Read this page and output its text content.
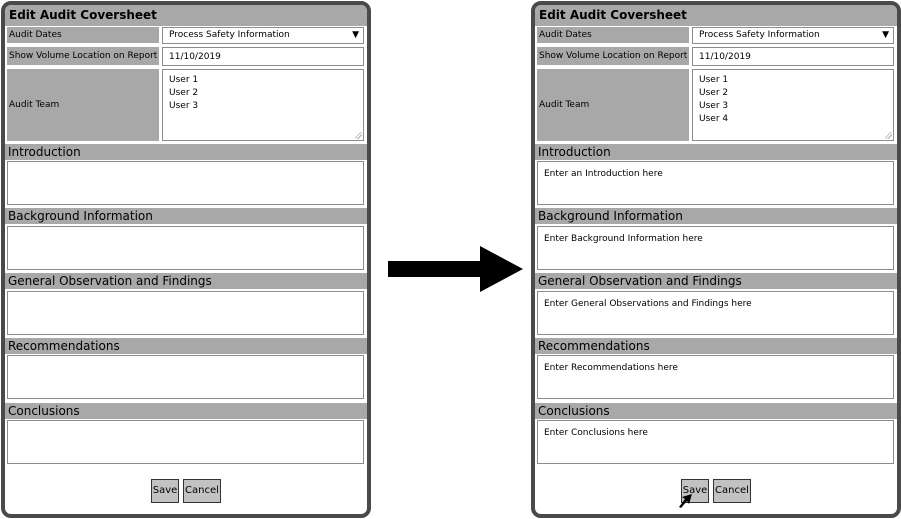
Edit Audit Coversheet
Audit Dates	Process Safety Information	▼
Show Volume Location on Report	11/10/2019
Audit Team
User 1
User 2
User 3
Introduction
Background Information
General Observation and Findings
Recommendations
Conclusions
Save Cancel
Edit Audit Coversheet
Audit Dates	Process Safety Information	▼
Show Volume Location on Report	11/10/2019
Audit Team
User 1
User 2
User 3
User 4
Introduction
Enter an Introduction here
Background Information
Enter Background Information here
General Observation and Findings
Enter General Observations and Findings here
Recommendations
Enter Recommendations here
Conclusions
Enter Conclusions here
Save Cancel
